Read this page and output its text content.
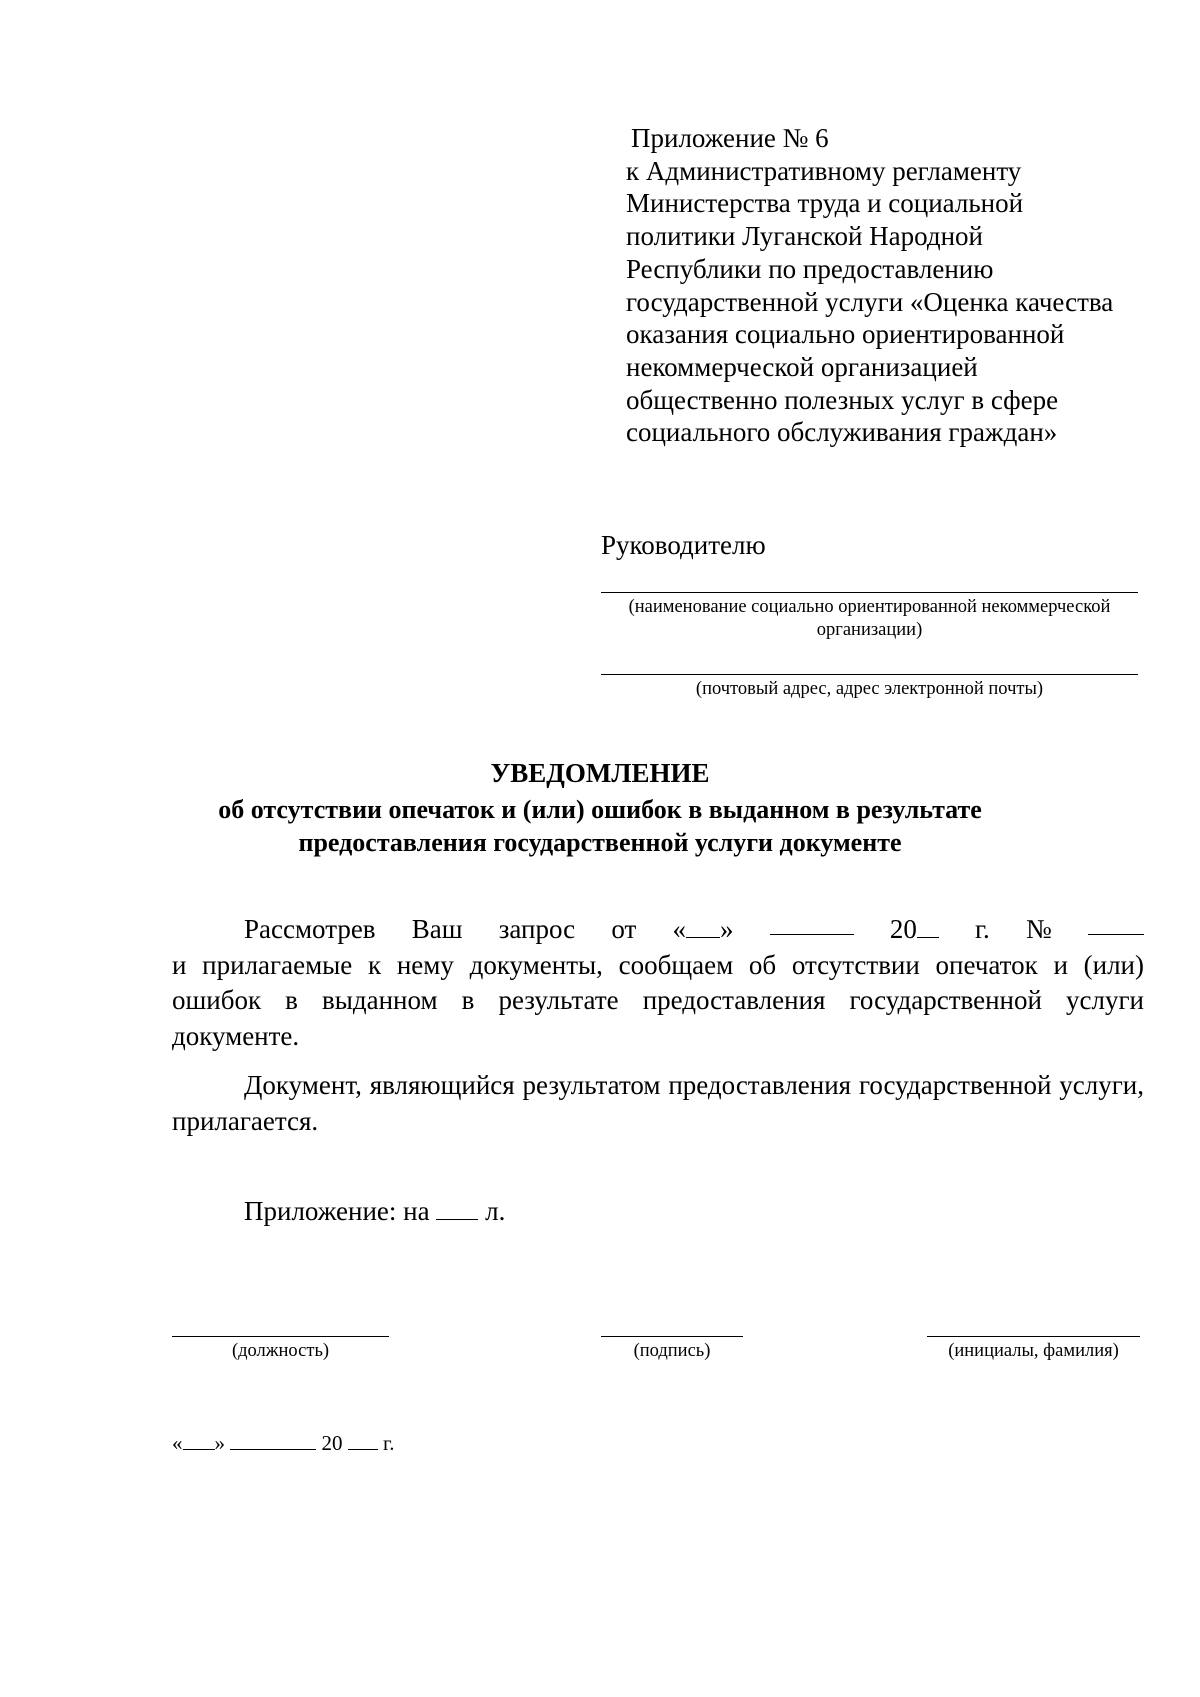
Приложение № 6

к Административному регламенту

Министерства труда и социальной

политики Луганской Народной

Республики по предоставлению

государственной услуги «Оценка качества

оказания социально ориентированной

некоммерческой организацией

общественно полезных услуг в сфере

социального обслуживания граждан»

Руководителю
(наименование социально ориентированной некоммерческой
организации)
(почтовый адрес, адрес электронной почты)
УВЕДОМЛЕНИЕ
об отсутствии опечаток и (или) ошибок в выданном в результате
предоставления государственной услуги документе
Рассмотрев Ваш запрос от « »	20	г. №

и прилагаемые к нему документы, сообщаем об отсутствии опечаток и (или) ошибок в выданном в результате предоставления государственной услуги документе.

Документ, являющийся результатом предоставления государственной услуги, прилагается.

Приложение: на л.
(должность)	(подпись)	(инициалы, фамилия)
« »	20 г.
